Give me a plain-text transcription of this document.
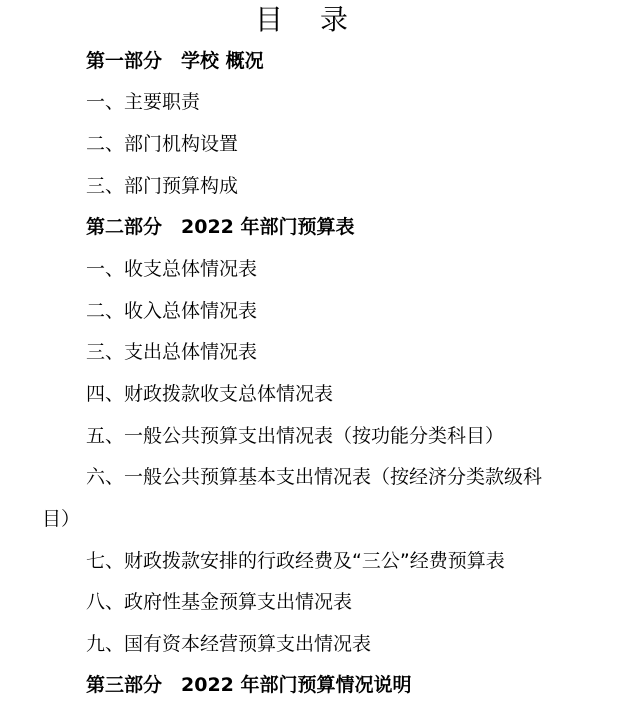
目 录
第一部分　学校 概况
一、主要职责
二、部门机构设置
三、部门预算构成
第二部分　2022 年部门预算表
一、收支总体情况表
二、收入总体情况表
三、支出总体情况表
四、财政拨款收支总体情况表
五、一般公共预算支出情况表（按功能分类科目）
六、一般公共预算基本支出情况表（按经济分类款级科
目）
七、财政拨款安排的行政经费及“三公”经费预算表
八、政府性基金预算支出情况表
九、国有资本经营预算支出情况表
第三部分　2022 年部门预算情况说明
